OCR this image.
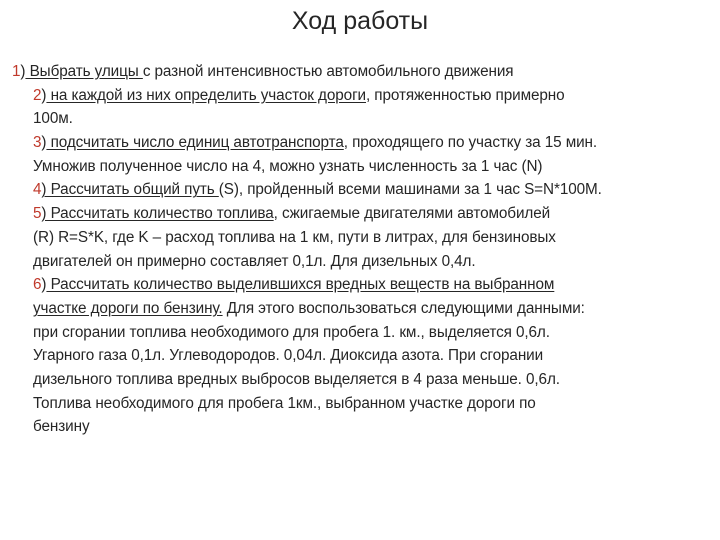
Ход работы
1) Выбрать улицы с разной интенсивностью автомобильного движения
2) на каждой из них определить участок дороги, протяженностью примерно
100м.
3) подсчитать число единиц автотранспорта, проходящего по участку за 15 мин.
Умножив полученное число на 4, можно узнать численность за 1 час (N)
4) Рассчитать общий путь (S), пройденный всеми машинами за 1 час S=N*100M.
5) Рассчитать количество топлива, сжигаемые двигателями автомобилей
(R) R=S*K, где K – расход топлива на 1 км, пути в литрах, для бензиновых
двигателей он примерно составляет 0,1л. Для дизельных 0,4л.
6) Рассчитать количество выделившихся вредных веществ на выбранном
участке дороги по бензину. Для этого воспользоваться следующими данными:
при сгорании топлива необходимого для пробега 1. км., выделяется 0,6л.
Угарного газа 0,1л. Углеводородов. 0,04л. Диоксида азота. При сгорании
дизельного топлива вредных выбросов выделяется в 4 раза меньше. 0,6л.
Топлива необходимого для пробега 1км., выбранном участке дороги по
бензину
